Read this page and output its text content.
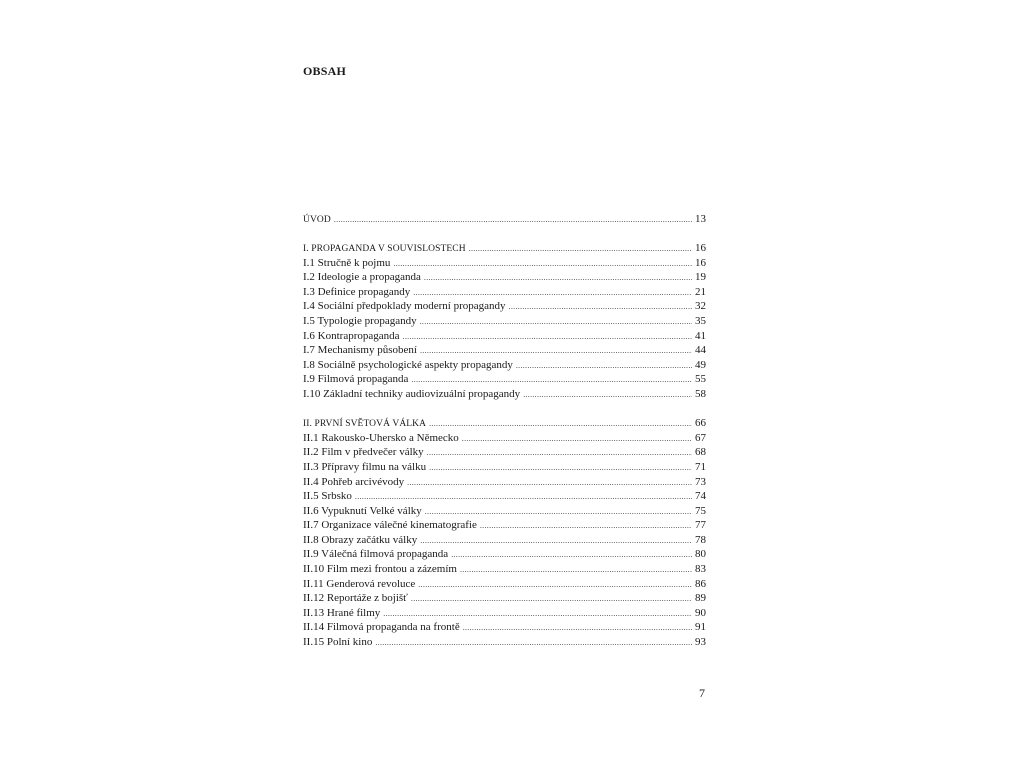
OBSAH
ÚVOD .....	13
I. PROPAGANDA V SOUVISLOSTECH .....	16
I.1 Stručně k pojmu .....	16
I.2 Ideologie a propaganda .....	19
I.3 Definice propagandy .....	21
I.4 Sociální předpoklady moderní propagandy .....	32
I.5 Typologie propagandy .....	35
I.6 Kontrapropaganda .....	41
I.7 Mechanismy působení .....	44
I.8 Sociálně psychologické aspekty propagandy .....	49
I.9 Filmová propaganda .....	55
I.10 Základní techniky audiovizuální propagandy .....	58
II. PRVNÍ SVĚTOVÁ VÁLKA .....	66
II.1 Rakousko-Uhersko a Německo .....	67
II.2 Film v předvečer války .....	68
II.3 Přípravy filmu na válku .....	71
II.4 Pohřeb arcivévody .....	73
II.5 Srbsko .....	74
II.6 Vypuknutí Velké války .....	75
II.7 Organizace válečné kinematografie .....	77
II.8 Obrazy začátku války .....	78
II.9 Válečná filmová propaganda .....	80
II.10 Film mezi frontou a zázemím .....	83
II.11 Genderová revoluce .....	86
II.12 Reportáže z bojišť .....	89
II.13 Hrané filmy .....	90
II.14 Filmová propaganda na frontě .....	91
II.15 Polní kino .....	93
7
